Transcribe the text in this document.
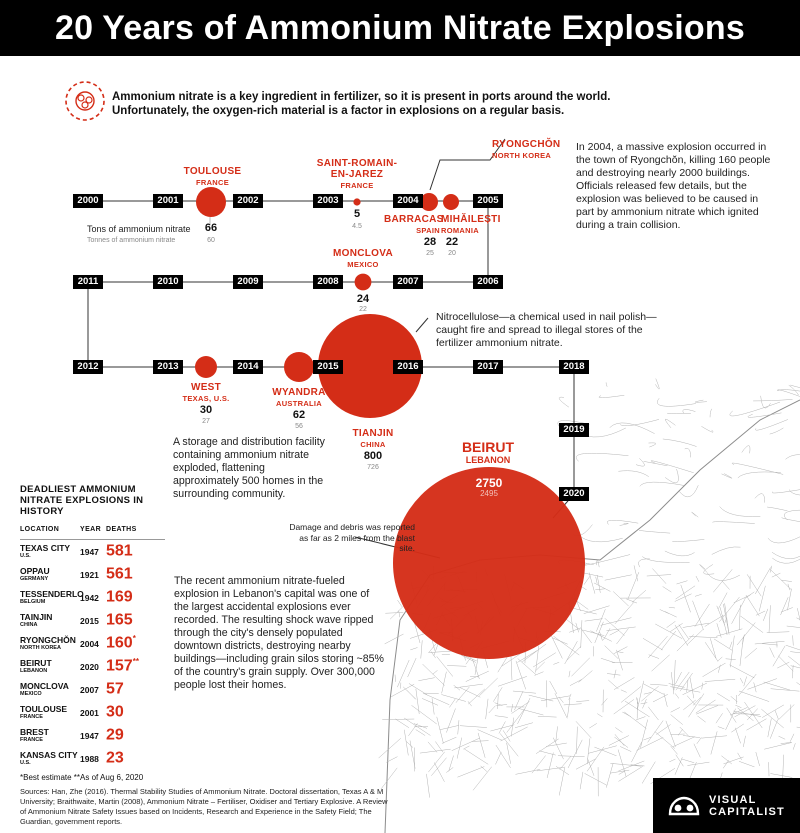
20 Years of Ammonium Nitrate Explosions
Ammonium nitrate is a key ingredient in fertilizer, so it is present in ports around the world. Unfortunately, the oxygen-rich material is a factor in explosions on a regular basis.
2000	2001	2002	2003	2004	2005
2006
2007
2008
2009
2010
2011
2012	2013	2014	2015	2016	2017	2018
2019
2020
TOULOUSE
FRANCE
Tons of ammonium nitrate	66
Tonnes of ammonium nitrate	60
SAINT-ROMAIN-EN-JAREZ
FRANCE
5
4.5
BARRACAS
SPAIN
28
25
MIHĂILEȘTI
ROMANIA
22
20
RYONGCHŎN
NORTH KOREA
In 2004, a massive explosion occurred in the town of Ryongchŏn, killing 160 people and destroying nearly 2000 buildings. Officials released few details, but the explosion was believed to be caused in part by ammonium nitrate which ignited during a train collision.
MONCLOVA
MEXICO
24
22
Nitrocellulose—a chemical used in nail polish—caught fire and spread to illegal stores of the fertilizer ammonium nitrate.
WEST
TEXAS, U.S.
30
27
WYANDRA
AUSTRALIA
62
56
TIANJIN
CHINA
800
726
A storage and distribution facility containing ammonium nitrate exploded, flattening approximately 500 homes in the surrounding community.
BEIRUT
LEBANON
2750
2495
Damage and debris was reported as far as 2 miles from the blast site.
The recent ammonium nitrate-fueled explosion in Lebanon's capital was one of the largest accidental explosions ever recorded. The resulting shock wave ripped through the city's densely populated downtown districts, destroying nearby buildings—including grain silos storing ~85% of the country's grain supply. Over 300,000 people lost their homes.
DEADLIEST AMMONIUM NITRATE EXPLOSIONS IN HISTORY
LOCATION	YEAR DEATHS
TEXAS CITY
U.S.	1947 581
OPPAU
GERMANY	1921 561
TESSENDERLO
BELGIUM	1942 169
TAINJIN
CHINA	2015 165
RYONGCHŎN
NORTH KOREA	2004 160*
BEIRUT
LEBANON	2020 157**
MONCLOVA
MEXICO	2007 57
TOULOUSE
FRANCE	2001 30
BREST
FRANCE	1947 29
KANSAS CITY
U.S.	1988 23
*Best estimate **As of Aug 6, 2020
Sources: Han, Zhe (2016). Thermal Stability Studies of Ammonium Nitrate. Doctoral dissertation, Texas A & M University; Braithwaite, Martin (2008), Ammonium Nitrate – Fertiliser, Oxidiser and Tertiary Explosive. A Review of Ammonium Nitrate Safety Issues based on Incidents, Research and Experience in the Safety Field; The Guardian, government reports.
VISUAL
CAPITALIST
